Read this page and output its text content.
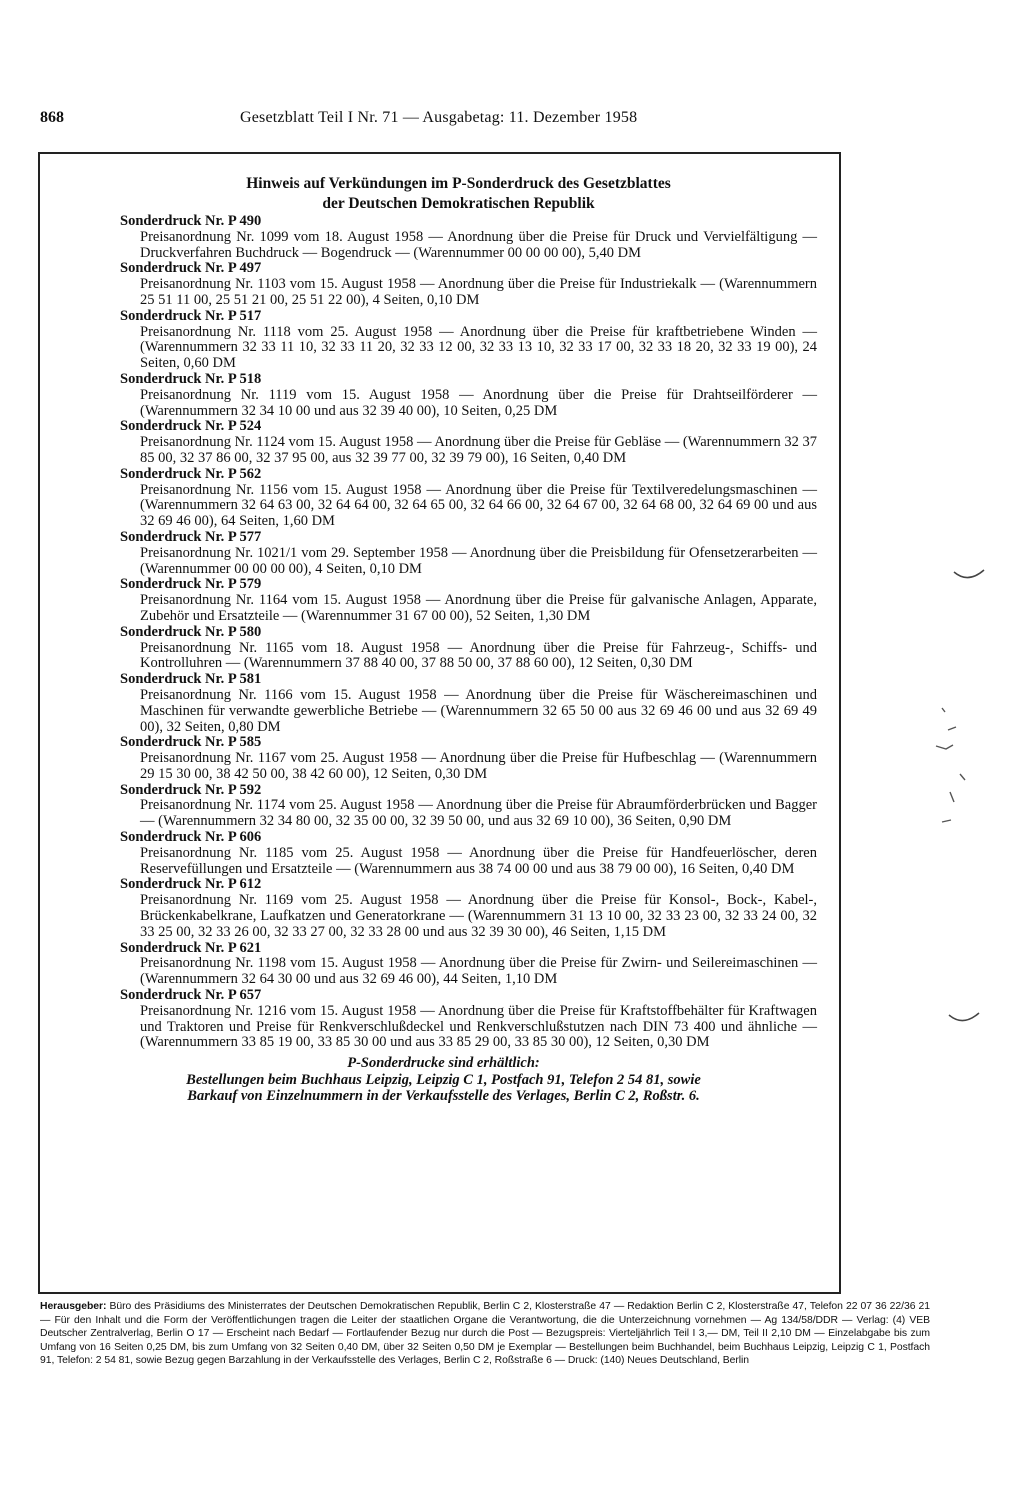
868	Gesetzblatt Teil I Nr. 71 — Ausgabetag: 11. Dezember 1958
Hinweis auf Verkündungen im P-Sonderdruck des Gesetzblattes
der Deutschen Demokratischen Republik
Sonderdruck Nr. P 490
Preisanordnung Nr. 1099 vom 18. August 1958 — Anordnung über die Preise für Druck und Vervielfältigung — Druckverfahren Buchdruck — Bogendruck — (Warennummer 00 00 00 00), 5,40 DM
Sonderdruck Nr. P 497
Preisanordnung Nr. 1103 vom 15. August 1958 — Anordnung über die Preise für Industriekalk — (Warennummern 25 51 11 00, 25 51 21 00, 25 51 22 00), 4 Seiten, 0,10 DM
Sonderdruck Nr. P 517
Preisanordnung Nr. 1118 vom 25. August 1958 — Anordnung über die Preise für kraftbetriebene Winden — (Warennummern 32 33 11 10, 32 33 11 20, 32 33 12 00, 32 33 13 10, 32 33 17 00, 32 33 18 20, 32 33 19 00), 24 Seiten, 0,60 DM
Sonderdruck Nr. P 518
Preisanordnung Nr. 1119 vom 15. August 1958 — Anordnung über die Preise für Drahtseilförderer — (Warennummern 32 34 10 00 und aus 32 39 40 00), 10 Seiten, 0,25 DM
Sonderdruck Nr. P 524
Preisanordnung Nr. 1124 vom 15. August 1958 — Anordnung über die Preise für Gebläse — (Warennummern 32 37 85 00, 32 37 86 00, 32 37 95 00, aus 32 39 77 00, 32 39 79 00), 16 Seiten, 0,40 DM
Sonderdruck Nr. P 562
Preisanordnung Nr. 1156 vom 15. August 1958 — Anordnung über die Preise für Textilveredelungsmaschinen — (Warennummern 32 64 63 00, 32 64 64 00, 32 64 65 00, 32 64 66 00, 32 64 67 00, 32 64 68 00, 32 64 69 00 und aus 32 69 46 00), 64 Seiten, 1,60 DM
Sonderdruck Nr. P 577
Preisanordnung Nr. 1021/1 vom 29. September 1958 — Anordnung über die Preisbildung für Ofensetzerarbeiten — (Warennummer 00 00 00 00), 4 Seiten, 0,10 DM
Sonderdruck Nr. P 579
Preisanordnung Nr. 1164 vom 15. August 1958 — Anordnung über die Preise für galvanische Anlagen, Apparate, Zubehör und Ersatzteile — (Warennummer 31 67 00 00), 52 Seiten, 1,30 DM
Sonderdruck Nr. P 580
Preisanordnung Nr. 1165 vom 18. August 1958 — Anordnung über die Preise für Fahrzeug-, Schiffs- und Kontrolluhren — (Warennummern 37 88 40 00, 37 88 50 00, 37 88 60 00), 12 Seiten, 0,30 DM
Sonderdruck Nr. P 581
Preisanordnung Nr. 1166 vom 15. August 1958 — Anordnung über die Preise für Wäschereimaschinen und Maschinen für verwandte gewerbliche Betriebe — (Warennummern 32 65 50 00 aus 32 69 46 00 und aus 32 69 49 00), 32 Seiten, 0,80 DM
Sonderdruck Nr. P 585
Preisanordnung Nr. 1167 vom 25. August 1958 — Anordnung über die Preise für Hufbeschlag — (Warennummern 29 15 30 00, 38 42 50 00, 38 42 60 00), 12 Seiten, 0,30 DM
Sonderdruck Nr. P 592
Preisanordnung Nr. 1174 vom 25. August 1958 — Anordnung über die Preise für Abraumförderbrücken und Bagger — (Warennummern 32 34 80 00, 32 35 00 00, 32 39 50 00, und aus 32 69 10 00), 36 Seiten, 0,90 DM
Sonderdruck Nr. P 606
Preisanordnung Nr. 1185 vom 25. August 1958 — Anordnung über die Preise für Handfeuerlöscher, deren Reservefüllungen und Ersatzteile — (Warennummern aus 38 74 00 00 und aus 38 79 00 00), 16 Seiten, 0,40 DM
Sonderdruck Nr. P 612
Preisanordnung Nr. 1169 vom 25. August 1958 — Anordnung über die Preise für Konsol-, Bock-, Kabel-, Brückenkabelkrane, Laufkatzen und Generatorkrane — (Warennummern 31 13 10 00, 32 33 23 00, 32 33 24 00, 32 33 25 00, 32 33 26 00, 32 33 27 00, 32 33 28 00 und aus 32 39 30 00), 46 Seiten, 1,15 DM
Sonderdruck Nr. P 621
Preisanordnung Nr. 1198 vom 15. August 1958 — Anordnung über die Preise für Zwirn- und Seilereimaschinen — (Warennummern 32 64 30 00 und aus 32 69 46 00), 44 Seiten, 1,10 DM
Sonderdruck Nr. P 657
Preisanordnung Nr. 1216 vom 15. August 1958 — Anordnung über die Preise für Kraftstoffbehälter für Kraftwagen und Traktoren und Preise für Renkverschlußdeckel und Renkverschlußstutzen nach DIN 73 400 und ähnliche — (Warennummern 33 85 19 00, 33 85 30 00 und aus 33 85 29 00, 33 85 30 00), 12 Seiten, 0,30 DM
P-Sonderdrucke sind erhältlich:
Bestellungen beim Buchhaus Leipzig, Leipzig C 1, Postfach 91, Telefon 2 54 81, sowie
Barkauf von Einzelnummern in der Verkaufsstelle des Verlages, Berlin C 2, Roßstr. 6.
Herausgeber: Büro des Präsidiums des Ministerrates der Deutschen Demokratischen Republik, Berlin C 2, Klosterstraße 47 — Redaktion Berlin C 2, Klosterstraße 47, Telefon 22 07 36 22/36 21 — Für den Inhalt und die Form der Veröffentlichungen tragen die Leiter der staatlichen Organe die Verantwortung, die die Unterzeichnung vornehmen — Ag 134/58/DDR — Verlag: (4) VEB Deutscher Zentralverlag, Berlin O 17 — Erscheint nach Bedarf — Fortlaufender Bezug nur durch die Post — Bezugspreis: Vierteljährlich Teil I 3,— DM, Teil II 2,10 DM — Einzelabgabe bis zum Umfang von 16 Seiten 0,25 DM, bis zum Umfang von 32 Seiten 0,40 DM, über 32 Seiten 0,50 DM je Exemplar — Bestellungen beim Buchhandel, beim Buchhaus Leipzig, Leipzig C 1, Postfach 91, Telefon: 2 54 81, sowie Bezug gegen Barzahlung in der Verkaufsstelle des Verlages, Berlin C 2, Roßstraße 6 — Druck: (140) Neues Deutschland, Berlin
